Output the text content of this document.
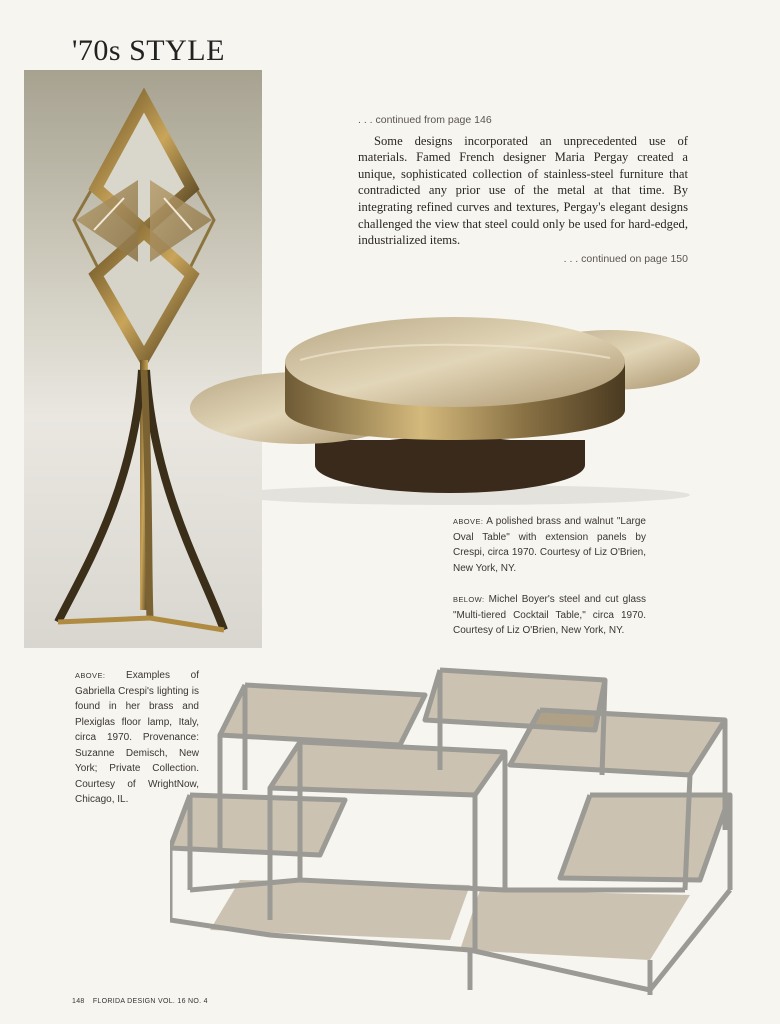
'70s STYLE
. . . continued from page 146

Some designs incorporated an unprecedented use of materials. Famed French designer Maria Pergay created a unique, sophisticated collection of stainless-steel furniture that contradicted any prior use of the metal at that time. By integrating refined curves and textures, Pergay's elegant designs challenged the view that steel could only be used for hard-edged, industrialized items.

. . . continued on page 150
ABOVE: A polished brass and walnut "Large Oval Table" with extension panels by Crespi, circa 1970. Courtesy of Liz O'Brien, New York, NY.
BELOW: Michel Boyer's steel and cut glass "Multi-tiered Cocktail Table," circa 1970. Courtesy of Liz O'Brien, New York, NY.
ABOVE: Examples of Gabriella Crespi's lighting is found in her brass and Plexiglas floor lamp, Italy, circa 1970. Provenance: Suzanne Demisch, New York; Private Collection. Courtesy of WrightNow, Chicago, IL.
148 FLORIDA DESIGN VOL. 16 NO. 4
